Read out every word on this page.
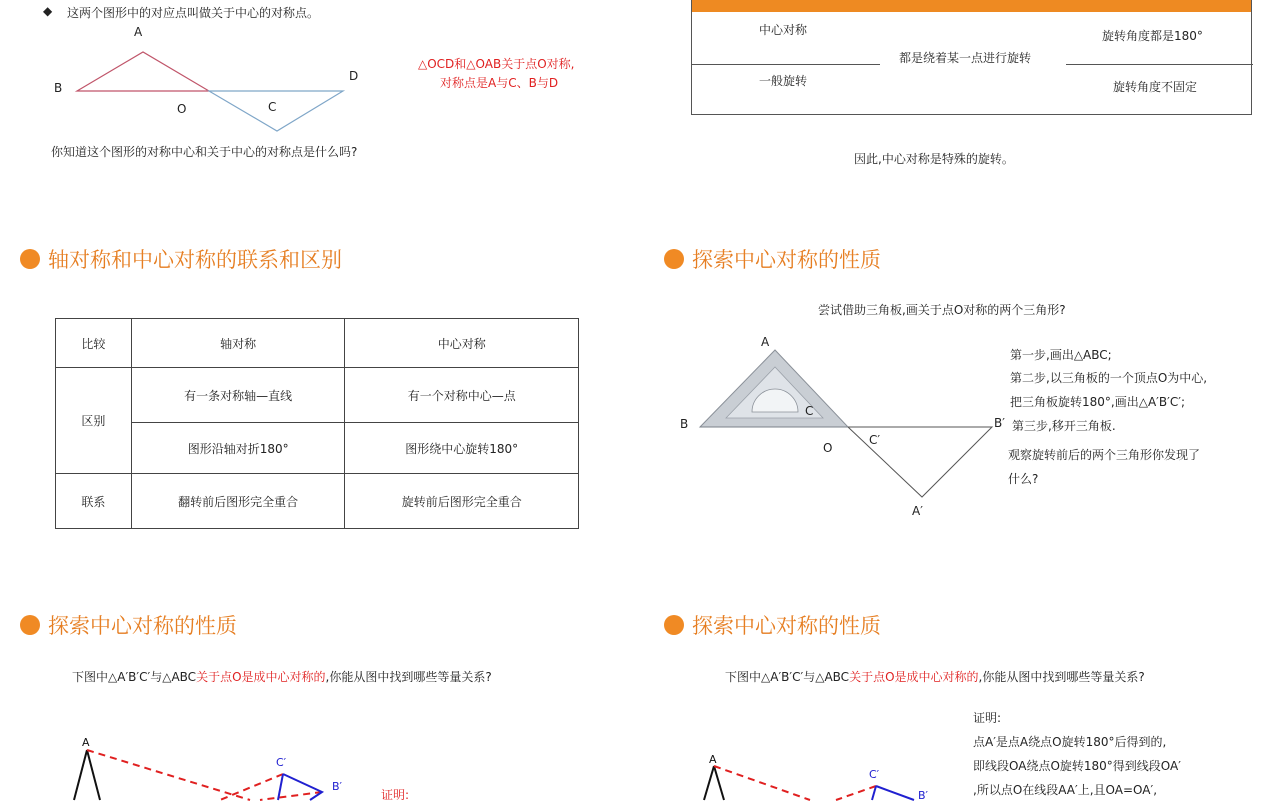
◆ 这两个图形中的对应点叫做关于中心的对称点。
A
B
O	C
D
△OCD和△OAB关于点O对称,
对称点是A与C、B与D
你知道这个图形的对称中心和关于中心的对称点是什么吗?
中心对称	旋转角度都是180°
都是绕着某一点进行旋转
一般旋转	旋转角度不固定
因此,中心对称是特殊的旋转。
轴对称和中心对称的联系和区别
比较	轴对称	中心对称
区别	有一条对称轴—直线	有一个对称中心—点
	图形沿轴对折180°	图形绕中心旋转180°
联系	翻转前后图形完全重合	旋转前后图形完全重合
探索中心对称的性质
尝试借助三角板,画关于点O对称的两个三角形?
A
B
C
O
C′
B′
A′
第一步,画出△ABC;
第二步,以三角板的一个顶点O为中心,
把三角板旋转180°,画出△A′B′C′;
第三步,移开三角板.
观察旋转前后的两个三角形你发现了
什么?
探索中心对称的性质
下图中△A′B′C′与△ABC关于点O是成中心对称的,你能从图中找到哪些等量关系?
A
C′
B′
证明:
探索中心对称的性质
下图中△A′B′C′与△ABC关于点O是成中心对称的,你能从图中找到哪些等量关系?
A
C′
B′
证明:
点A′是点A绕点O旋转180°后得到的,
即线段OA绕点O旋转180°得到线段OA′
,所以点O在线段AA′上,且OA=OA′,
